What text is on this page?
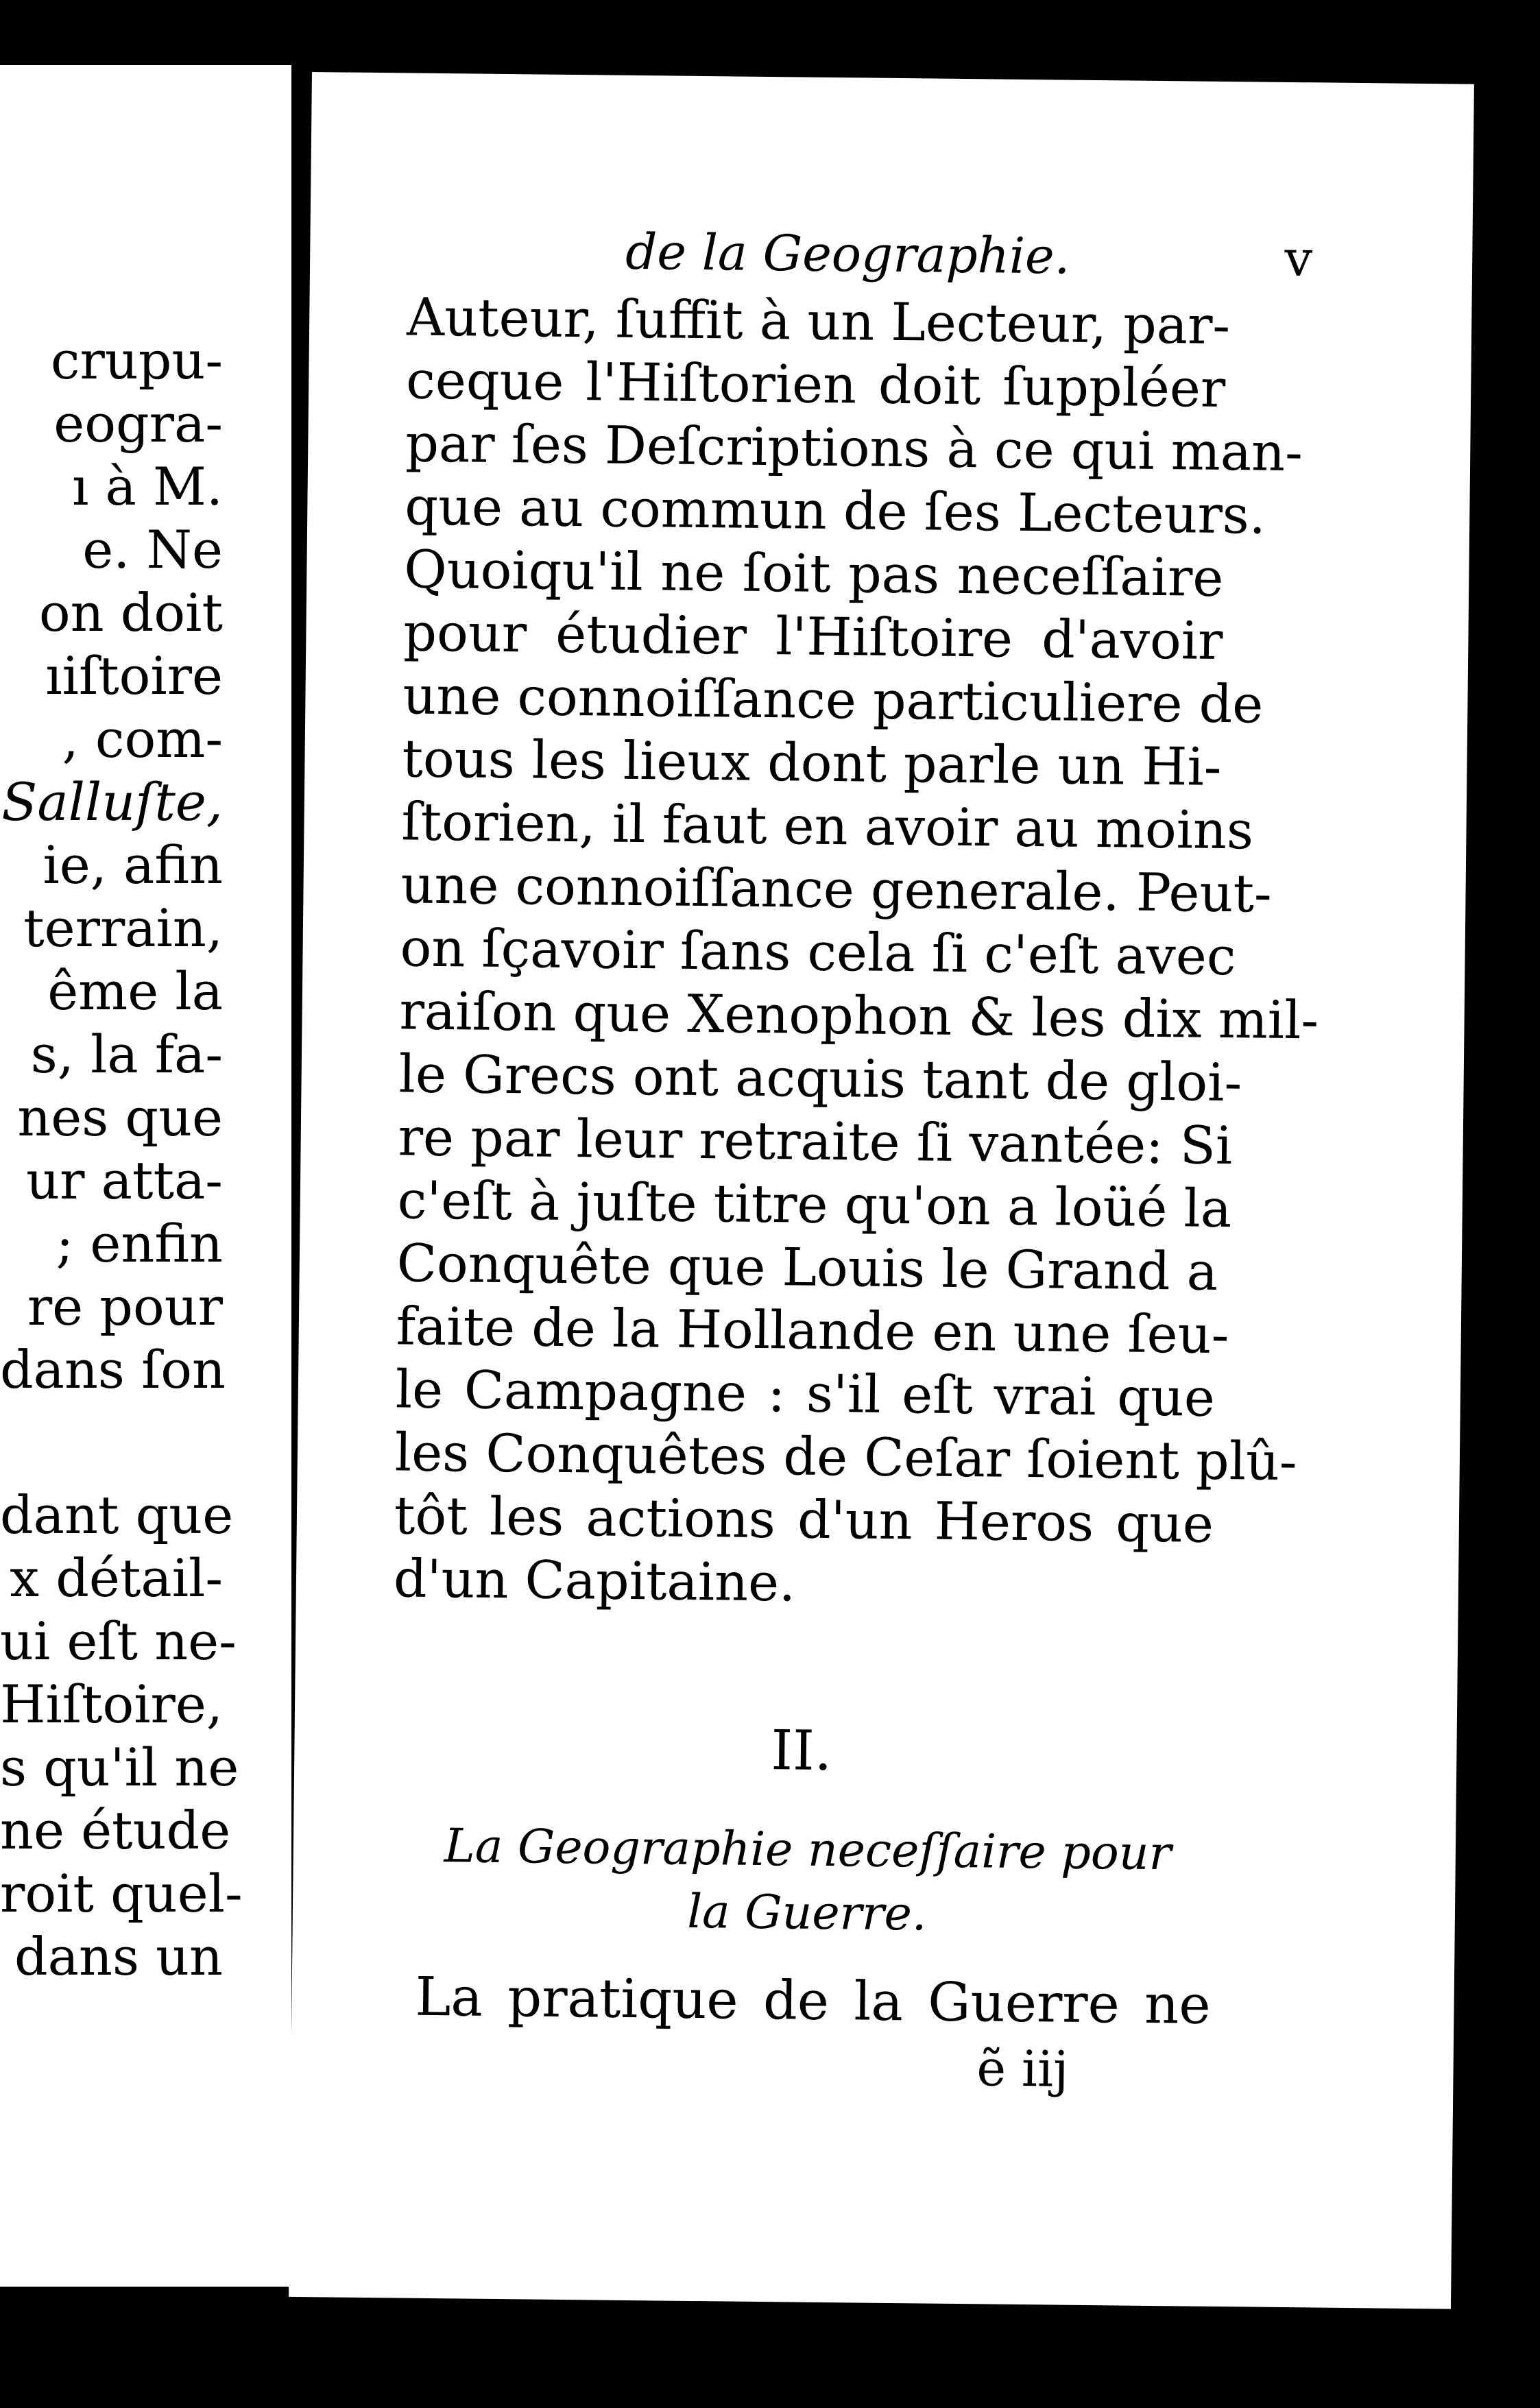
crupu-
eogra-
ı à M.
e. Ne
on doit
ıiſtoire
, com-
Salluſte,
ie, afin
terrain,
ême la
s, la fa-
nes que
ur atta-
; enfin
re pour
dans ſon
dant que
x détail-
ui eſt ne-
Hiſtoire,
s qu'il ne
ne étude
roit quel-
dans un
de la Geographie.	v
Auteur, ſuffit à un Lecteur, par-
ceque l'Hiſtorien doit ſuppléer
par ſes Deſcriptions à ce qui man-
que au commun de ſes Lecteurs.
Quoiqu'il ne ſoit pas neceſſaire
pour étudier l'Hiſtoire d'avoir
une connoiſſance particuliere de
tous les lieux dont parle un Hi-
ſtorien, il faut en avoir au moins
une connoiſſance generale. Peut-
on ſçavoir ſans cela ſi c'eſt avec
raiſon que Xenophon & les dix mil-
le Grecs ont acquis tant de gloi-
re par leur retraite ſi vantée: Si
c'eſt à juſte titre qu'on a loüé la
Conquête que Louis le Grand a
faite de la Hollande en une ſeu-
le Campagne : s'il eſt vrai que
les Conquêtes de Ceſar ſoient plû-
tôt les actions d'un Heros que
d'un Capitaine.
II.
La Geographie neceſſaire pour la Guerre.
La pratique de la Guerre ne
ẽ iij
